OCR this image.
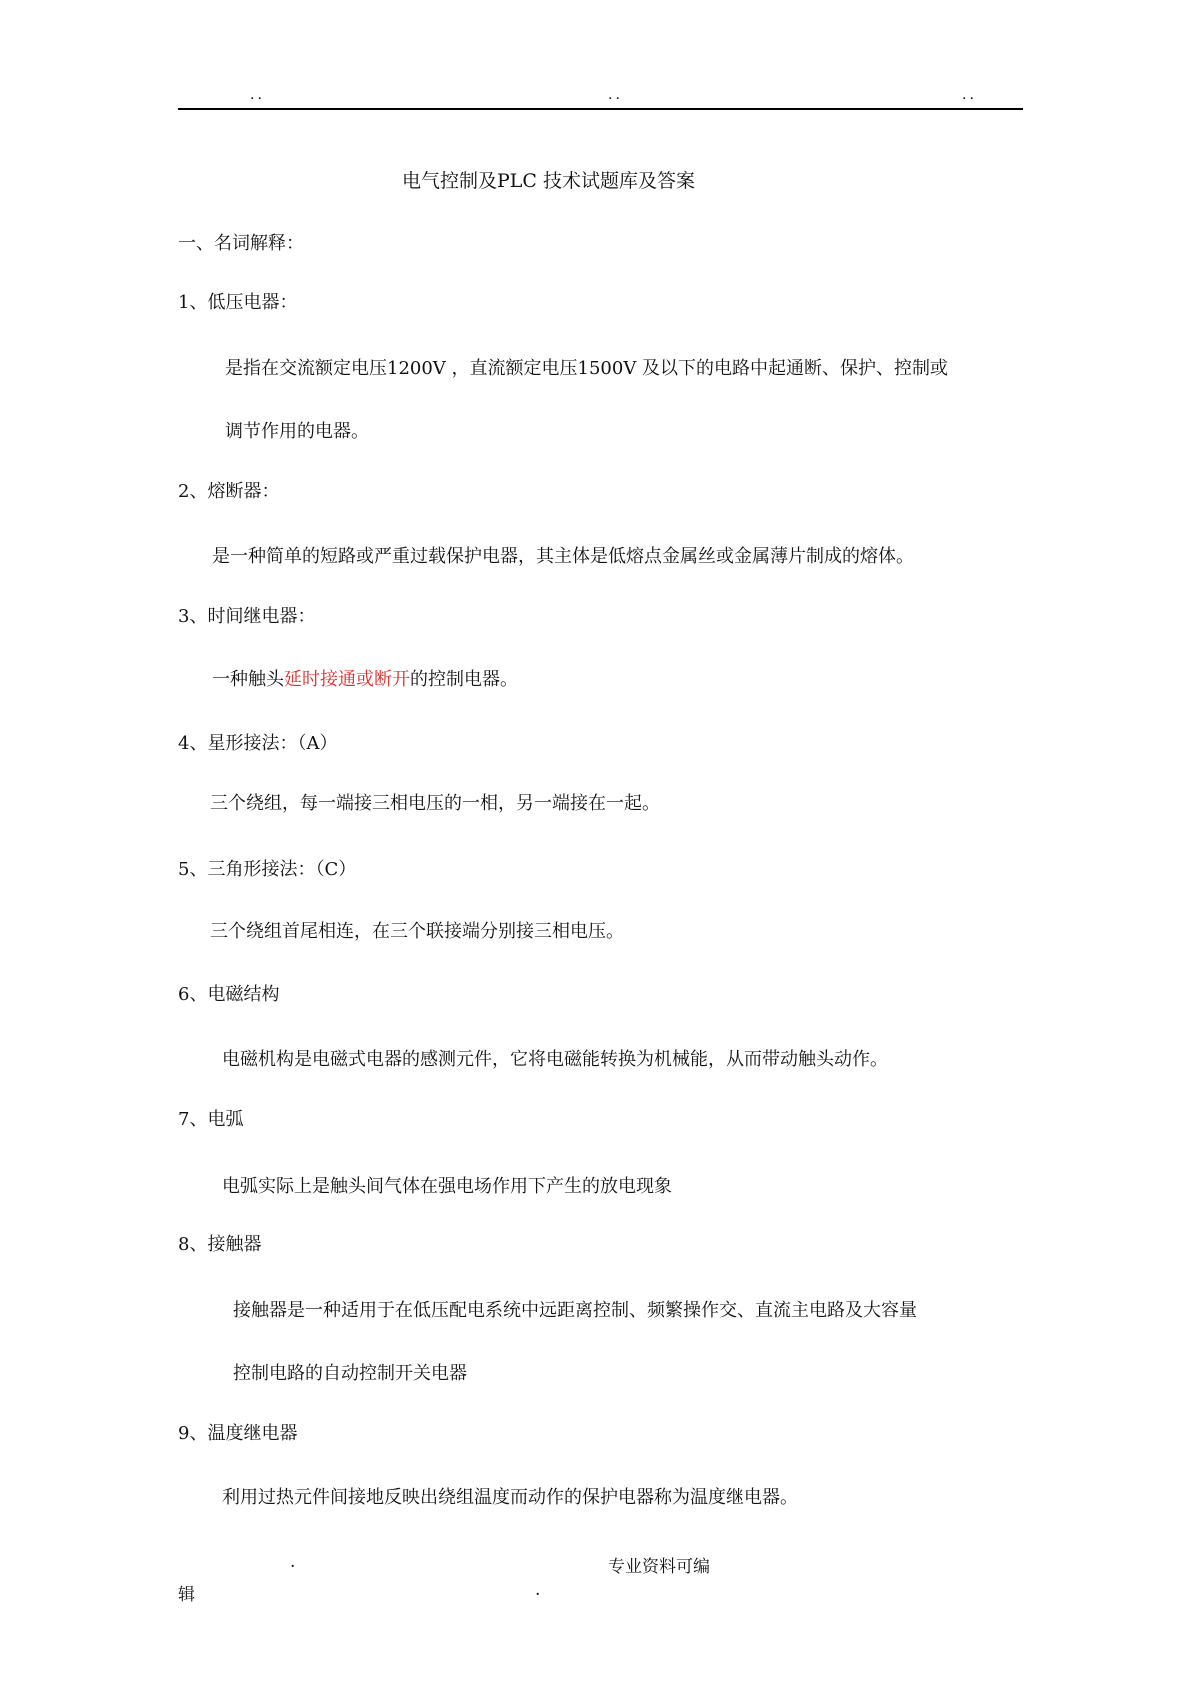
..	..	..
电气控制及PLC 技术试题库及答案
一、名词解释：
1、低压电器：
是指在交流额定电压1200V ，直流额定电压1500V 及以下的电路中起通断、保护、控制或
调节作用的电器。
2、熔断器：
是一种简单的短路或严重过载保护电器，其主体是低熔点金属丝或金属薄片制成的熔体。
3、时间继电器：
一种触头延时接通或断开的控制电器。
4、星形接法：（A）
三个绕组，每一端接三相电压的一相，另一端接在一起。
5、三角形接法：（C）
三个绕组首尾相连，在三个联接端分别接三相电压。
6、电磁结构
电磁机构是电磁式电器的感测元件，它将电磁能转换为机械能，从而带动触头动作。
7、电弧
电弧实际上是触头间气体在强电场作用下产生的放电现象
8、接触器
接触器是一种适用于在低压配电系统中远距离控制、频繁操作交、直流主电路及大容量
控制电路的自动控制开关电器
9、温度继电器
利用过热元件间接地反映出绕组温度而动作的保护电器称为温度继电器。
.	专业资料可编
辑	.
